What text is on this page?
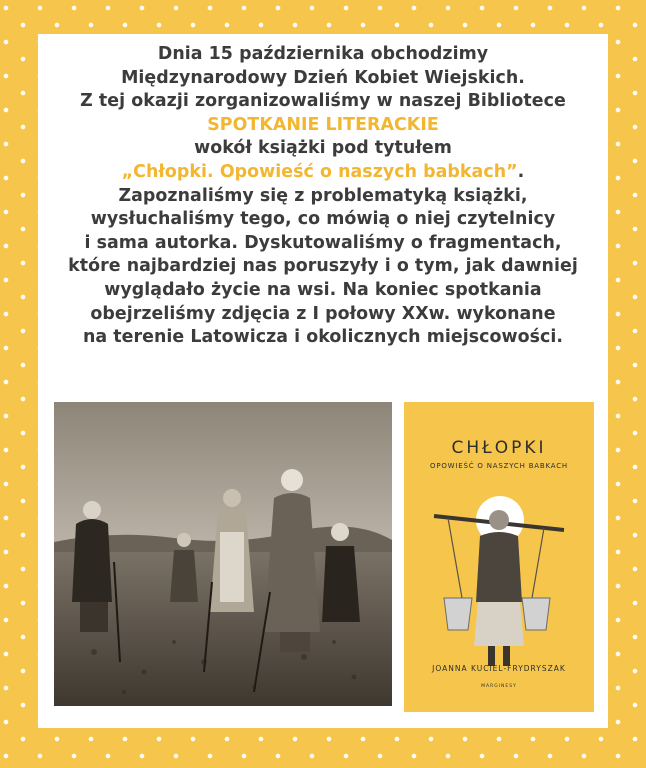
Dnia 15 października obchodzimy
Międzynarodowy Dzień Kobiet Wiejskich.
Z tej okazji zorganizowaliśmy w naszej Bibliotece
SPOTKANIE LITERACKIE
wokół książki pod tytułem
„Chłopki. Opowieść o naszych babkach”.
Zapoznaliśmy się z problematyką książki,
wysłuchaliśmy tego, co mówią o niej czytelnicy
i sama autorka. Dyskutowaliśmy o fragmentach,
które najbardziej nas poruszyły i o tym, jak dawniej
wyglądało życie na wsi. Na koniec spotkania
obejrzeliśmy zdjęcia z I połowy XXw. wykonane
na terenie Latowicza i okolicznych miejscowości.
CHŁOPKI
OPOWIEŚĆ O NASZYCH BABKACH
JOANNA KUCIEL-FRYDRYSZAK
MARGINESY
